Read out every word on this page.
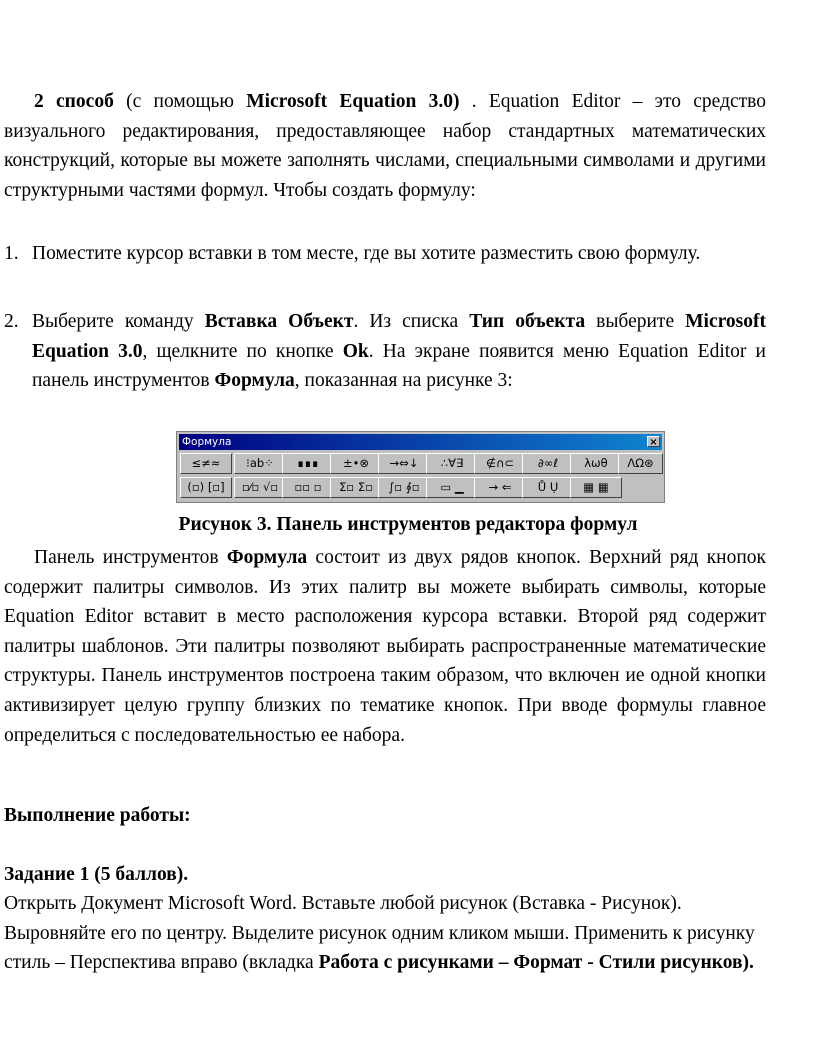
2 способ (с помощью Microsoft Equation 3.0) . Equation Editor – это средство визуального редактирования, предоставляющее набор стандартных математических конструкций, которые вы можете заполнять числами, специальными символами и другими структурными частями формул. Чтобы создать формулу:

1. Поместите курсор вставки в том месте, где вы хотите разместить свою формулу.
2. Выберите команду Вставка Объект. Из списка Тип объекта выберите Microsoft Equation 3.0, щелкните по кнопке Ok. На экране появится меню Equation Editor и панель инструментов Формула, показанная на рисунке 3:
Формула	×
≤≠≈	⁝ab⁘	∎∎∎	±•⊗	→⇔↓	∴∀∃	∉∩⊂	∂∞ℓ	λωθ	ΛΩ⊛
(▫) [▫]	▫⁄▫ √▫	▫▫ ▫	Σ▫ Σ▫	∫▫ ∮▫	▭ ▁	→ ⇐	Ů Ụ	▦ ▦
Рисунок 3. Панель инструментов редактора формул

Панель инструментов Формула состоит из двух рядов кнопок. Верхний ряд кнопок содержит палитры символов. Из этих палитр вы можете выбирать символы, которые Equation Editor вставит в место расположения курсора вставки. Второй ряд содержит палитры шаблонов. Эти палитры позволяют выбирать распространенные математические структуры. Панель инструментов построена таким образом, что включен ие одной кнопки активизирует целую группу близких по тематике кнопок. При вводе формулы главное определиться с последовательностью ее набора.

Выполнение работы:
Задание 1 (5 баллов).
Открыть Документ Microsoft Word. Вставьте любой рисунок (Вставка - Рисунок). Выровняйте его по центру. Выделите рисунок одним кликом мыши. Применить к рисунку стиль – Перспектива вправо (вкладка Работа с рисунками – Формат - Стили рисунков).
